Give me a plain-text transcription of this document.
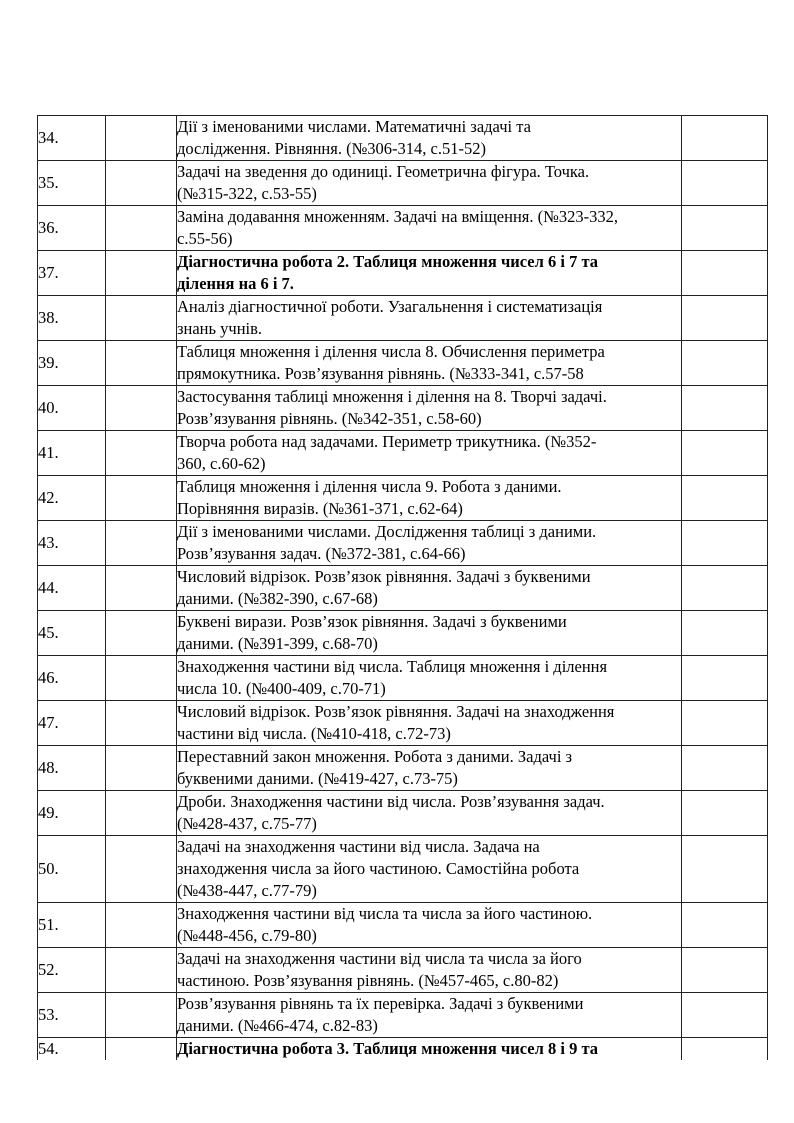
34.		Дії з іменованими числами. Математичні задачі та
дослідження. Рівняння. (№306-314, с.51-52)	

35.		Задачі на зведення до одиниці. Геометрична фігура. Точка.
(№315-322, с.53-55)	

36.		Заміна додавання множенням. Задачі на вміщення. (№323-332,
с.55-56)	

37.		Діагностична робота 2. Таблиця множення чисел 6 і 7 та
ділення на 6 і 7.	

38.		Аналіз діагностичної роботи. Узагальнення і систематизація
знань учнів.	

39.		Таблиця множення і ділення числа 8. Обчислення периметра
прямокутника. Розв’язування рівнянь. (№333-341, с.57-58	

40.		Застосування таблиці множення і ділення на 8. Творчі задачі.
Розв’язування рівнянь. (№342-351, с.58-60)	

41.		Творча робота над задачами. Периметр трикутника. (№352-
360, с.60-62)	

42.		Таблиця множення і ділення числа 9. Робота з даними.
Порівняння виразів. (№361-371, с.62-64)	

43.		Дії з іменованими числами. Дослідження таблиці з даними.
Розв’язування задач. (№372-381, с.64-66)	

44.		Числовий відрізок. Розв’язок рівняння. Задачі з буквеними
даними. (№382-390, с.67-68)	

45.		Буквені вирази. Розв’язок рівняння. Задачі з буквеними
даними. (№391-399, с.68-70)	

46.		Знаходження частини від числа. Таблиця множення і ділення
числа 10. (№400-409, с.70-71)	

47.		Числовий відрізок. Розв’язок рівняння. Задачі на знаходження
частини від числа. (№410-418, с.72-73)	

48.		Переставний закон множення. Робота з даними. Задачі з
буквеними даними. (№419-427, с.73-75)	

49.		Дроби. Знаходження частини від числа. Розв’язування задач.
(№428-437, с.75-77)	

50.		Задачі на знаходження частини від числа. Задача на
знаходження числа за його частиною. Самостійна робота
(№438-447, с.77-79)	

51.		Знаходження частини від числа та числа за його частиною.
(№448-456, с.79-80)	

52.		Задачі на знаходження частини від числа та числа за його
частиною. Розв’язування рівнянь. (№457-465, с.80-82)	

53.		Розв’язування рівнянь та їх перевірка. Задачі з буквеними
даними. (№466-474, с.82-83)	

54.		Діагностична робота 3. Таблиця множення чисел 8 і 9 та	
